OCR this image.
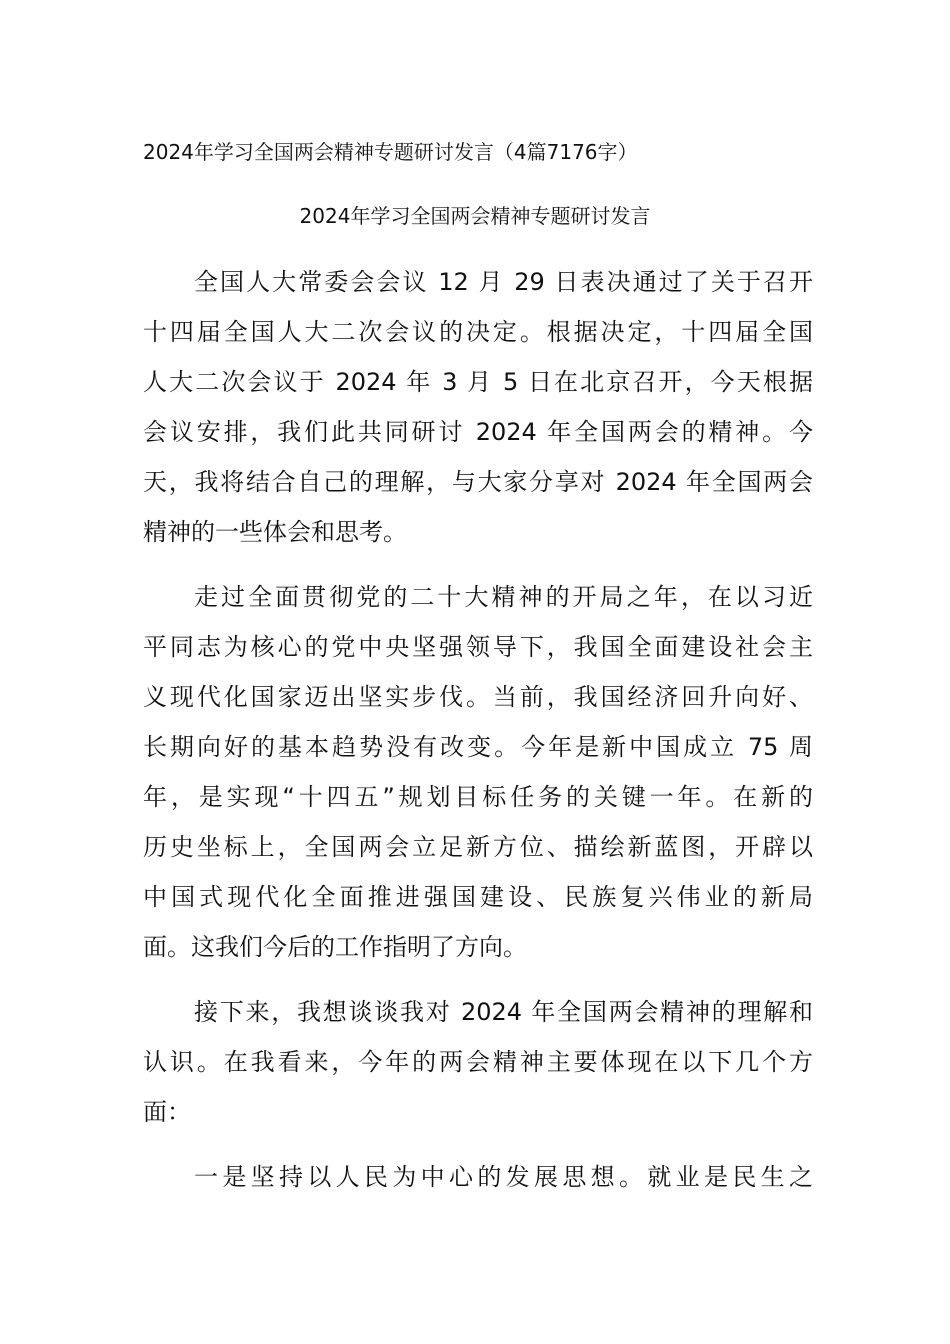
2024年学习全国两会精神专题研讨发言（4篇7176字）
2024年学习全国两会精神专题研讨发言
全国人大常委会会议 12 月 29 日表决通过了关于召开
十四届全国人大二次会议的决定。根据决定，十四届全国
人大二次会议于 2024 年 3 月 5 日在北京召开，今天根据
会议安排，我们此共同研讨 2024 年全国两会的精神。今
天，我将结合自己的理解，与大家分享对 2024 年全国两会
精神的一些体会和思考。
走过全面贯彻党的二十大精神的开局之年，在以习近
平同志为核心的党中央坚强领导下，我国全面建设社会主
义现代化国家迈出坚实步伐。当前，我国经济回升向好、
长期向好的基本趋势没有改变。今年是新中国成立 75 周
年，是实现“十四五”规划目标任务的关键一年。在新的
历史坐标上，全国两会立足新方位、描绘新蓝图，开辟以
中国式现代化全面推进强国建设、民族复兴伟业的新局
面。这我们今后的工作指明了方向。
接下来，我想谈谈我对 2024 年全国两会精神的理解和
认识。在我看来，今年的两会精神主要体现在以下几个方
面：
一是坚持以人民为中心的发展思想。就业是民生之
